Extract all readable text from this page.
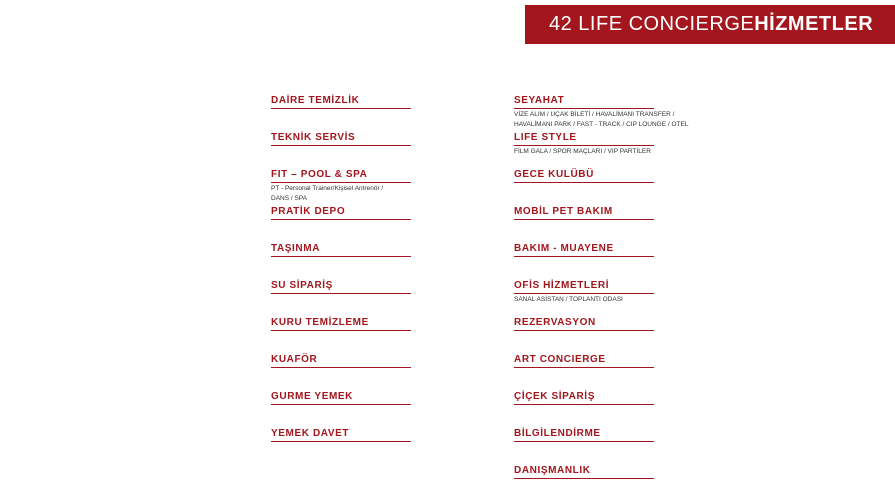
42 LIFE CONCIERGE HİZMETLER
DAİRE TEMİZLİK
TEKNİK SERVİS
FIT – POOL & SPA
PT - Personal Trainer/Kişisel Antrenör /
DANS / SPA
PRATİK DEPO
TAŞINMA
SU SİPARİŞ
KURU TEMİZLEME
KUAFÖR
GURME YEMEK
YEMEK DAVET
SEYAHAT
VİZE ALIM / UÇAK BİLETİ / HAVALİMANI TRANSFER /
HAVALİMANI PARK / FAST - TRACK / CIP LOUNGE / OTEL
LIFE STYLE
FİLM GALA / SPOR MAÇLARI / VIP PARTİLER
GECE KULÜBÜ
MOBİL PET BAKIM
BAKIM - MUAYENE
OFİS HİZMETLERİ
SANAL ASİSTAN / TOPLANTI ODASI
REZERVASYON
ART CONCIERGE
ÇİÇEK SİPARİŞ
BİLGİLENDİRME
DANIŞMANLIK
